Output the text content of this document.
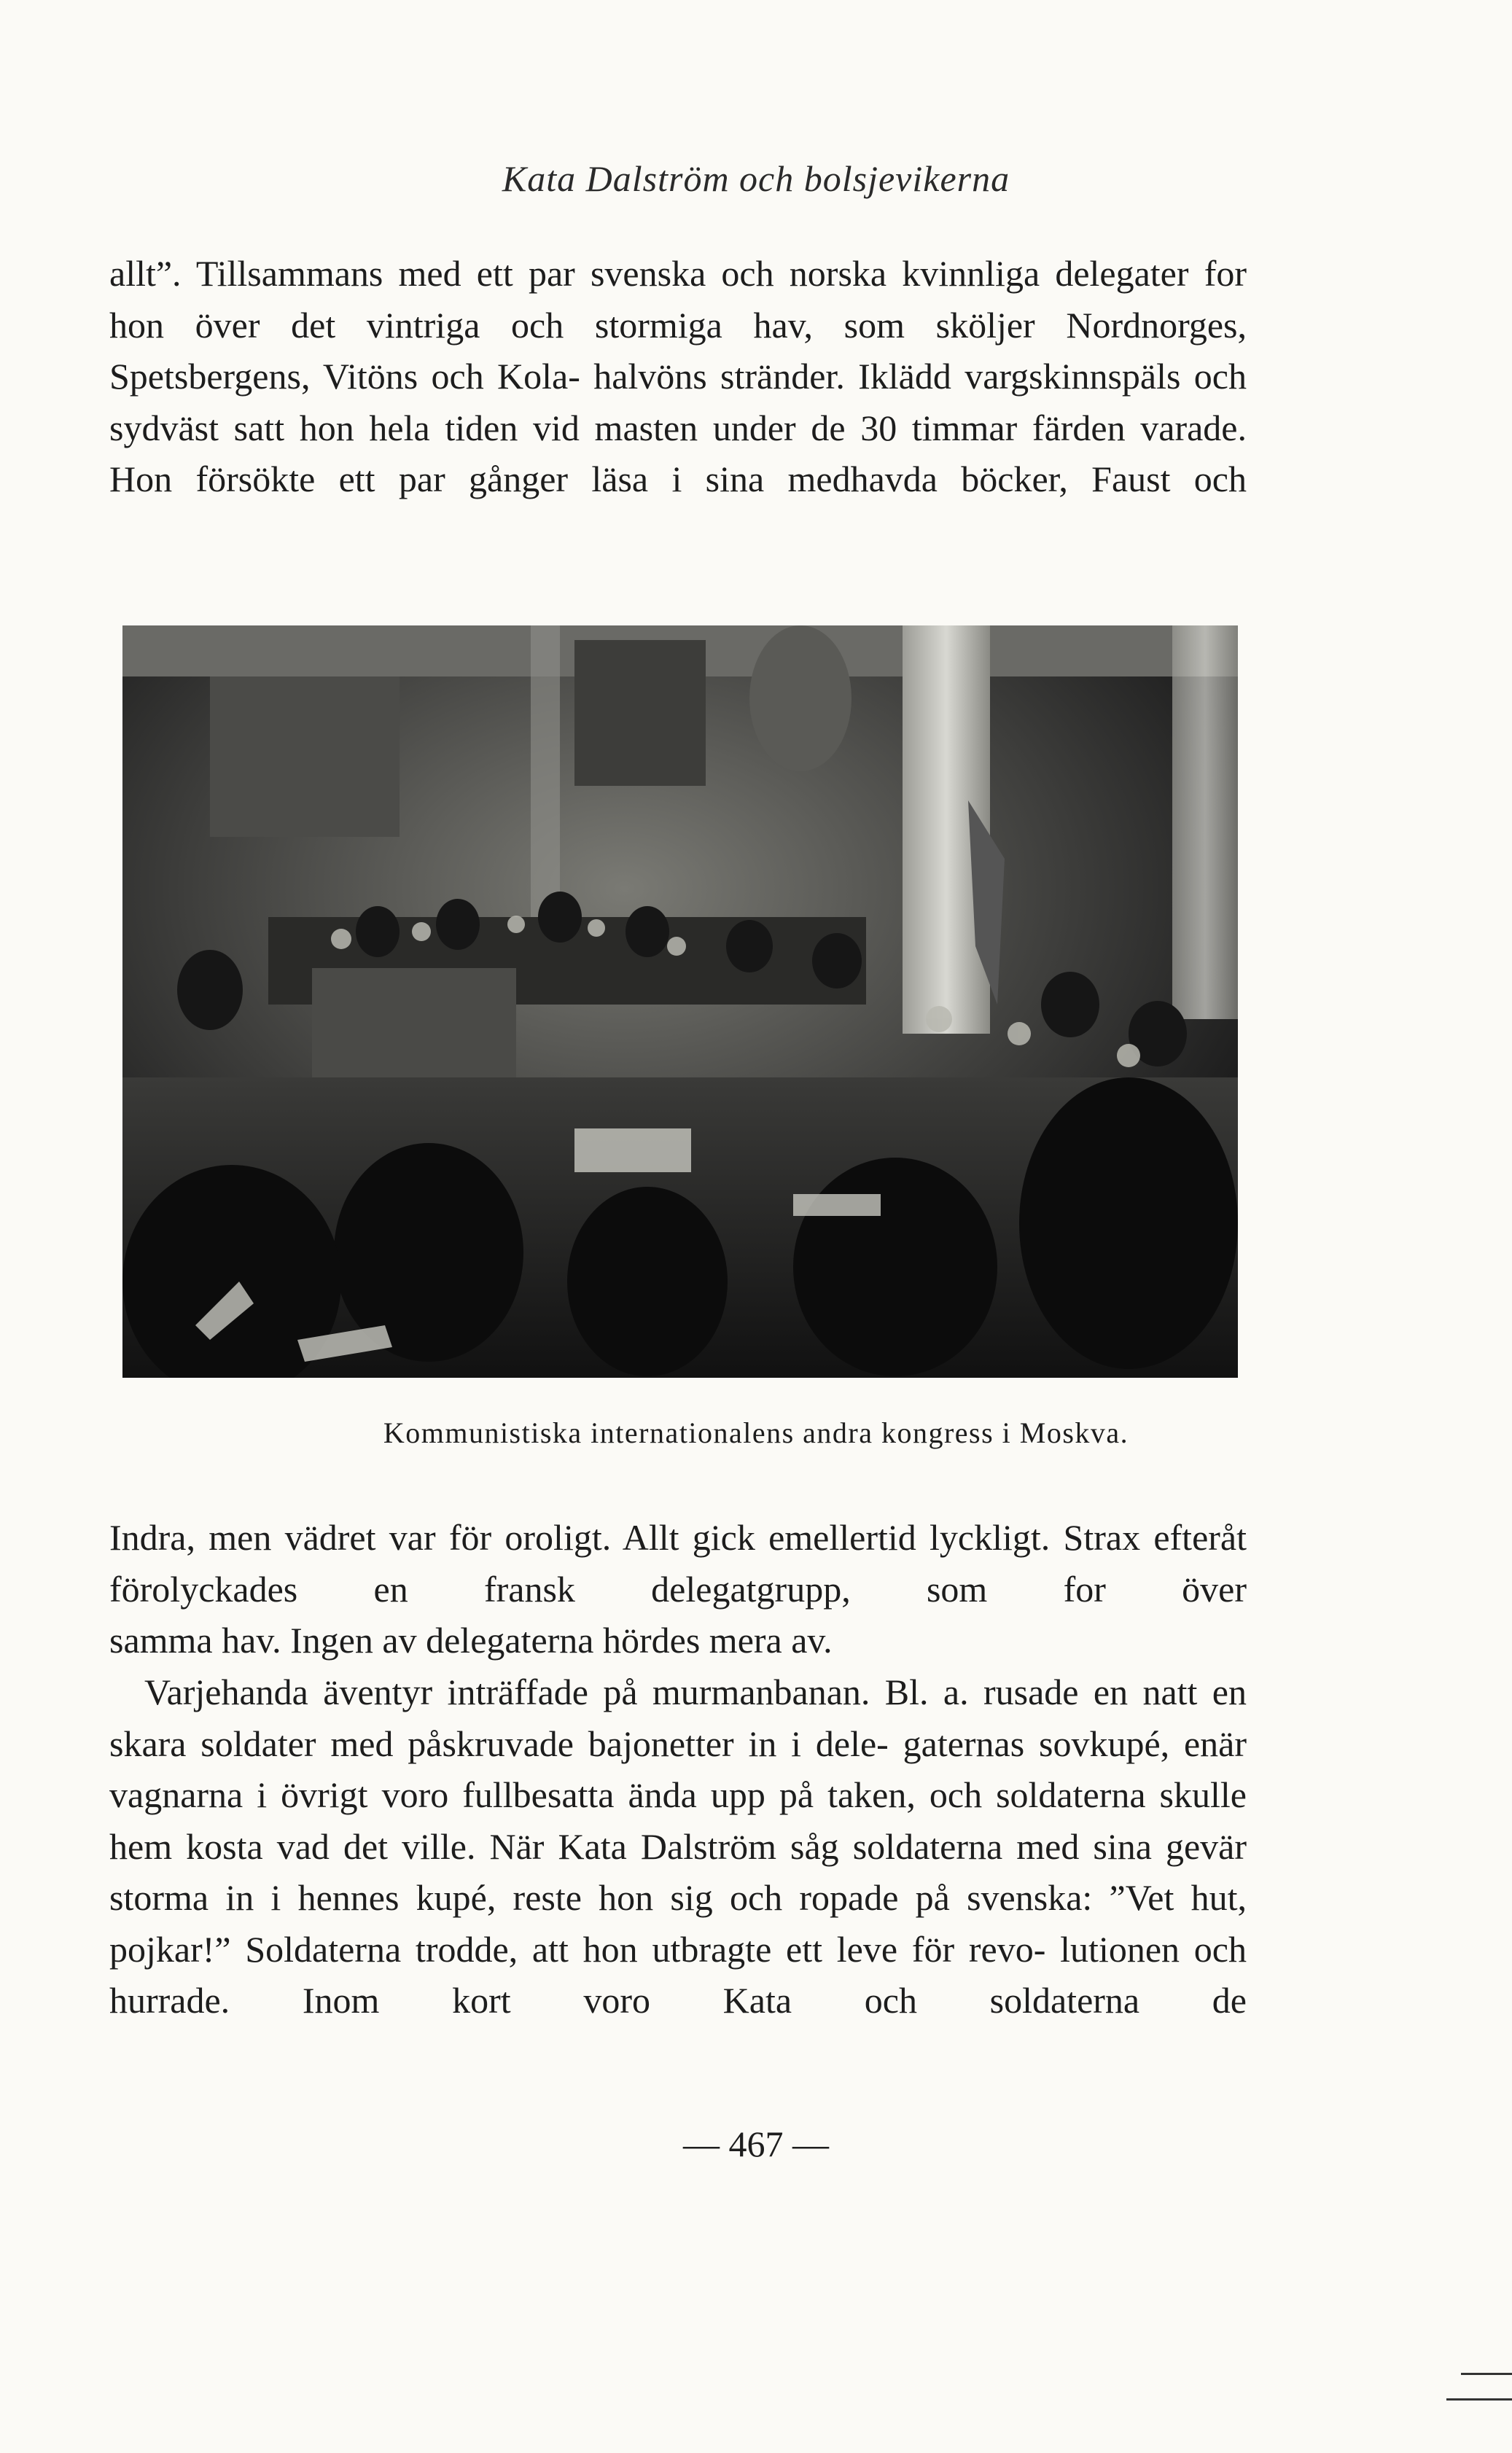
Kata Dalström och bolsjevikerna

allt”. Tillsammans med ett par svenska och norska kvinnliga delegater for hon över det vintriga och stormiga hav, som sköljer Nordnorges, Spetsbergens, Vitöns och Kola- halvöns stränder. Iklädd vargskinnspäls och sydväst satt hon hela tiden vid masten under de 30 timmar färden varade. Hon försökte ett par gånger läsa i sina medhavda böcker, Faust och

Kommunistiska internationalens andra kongress i Moskva.

Indra, men vädret var för oroligt. Allt gick emellertid lyckligt. Strax efteråt förolyckades en fransk delegatgrupp, som for över
samma hav. Ingen av delegaterna hördes mera av.

Varjehanda äventyr inträffade på murmanbanan. Bl. a. rusade en natt en skara soldater med påskruvade bajonetter in i dele- gaternas sovkupé, enär vagnarna i övrigt voro fullbesatta ända upp på taken, och soldaterna skulle hem kosta vad det ville. När Kata Dalström såg soldaterna med sina gevär storma in i hennes kupé, reste hon sig och ropade på svenska: ”Vet hut, pojkar!” Soldaterna trodde, att hon utbragte ett leve för revo- lutionen och hurrade. Inom kort voro Kata och soldaterna de

— 467 —
